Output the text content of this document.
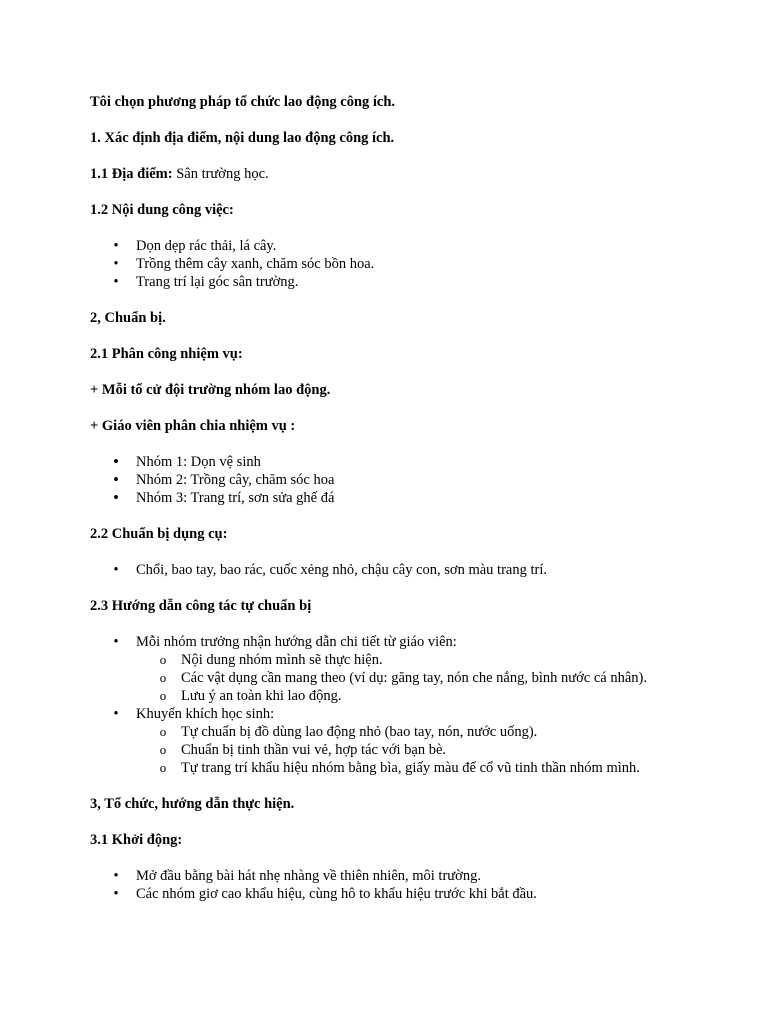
Tôi chọn phương pháp tổ chức lao động công ích.

1. Xác định địa điểm, nội dung lao động công ích.

1.1 Địa điểm: Sân trường học.

1.2 Nội dung công việc:

•
Dọn dẹp rác thải, lá cây.
•
Trồng thêm cây xanh, chăm sóc bồn hoa.
•
Trang trí lại góc sân trường.

2, Chuẩn bị.

2.1 Phân công nhiệm vụ:

+ Mỗi tổ cử đội trường nhóm lao động.

+ Giáo viên phân chia nhiệm vụ :

•
Nhóm 1: Dọn vệ sinh
•
Nhóm 2: Trồng cây, chăm sóc hoa
•
Nhóm 3: Trang trí, sơn sửa ghế đá

2.2 Chuẩn bị dụng cụ:

•
Chổi, bao tay, bao rác, cuốc xẻng nhỏ, chậu cây con, sơn màu trang trí.

2.3 Hướng dẫn công tác tự chuẩn bị

•
Mỗi nhóm trưởng nhận hướng dẫn chi tiết từ giáo viên:
o
Nội dung nhóm mình sẽ thực hiện.
o
Các vật dụng cần mang theo (ví dụ: găng tay, nón che nắng, bình nước cá nhân).
o
Lưu ý an toàn khi lao động.
•
Khuyến khích học sinh:
o
Tự chuẩn bị đồ dùng lao động nhỏ (bao tay, nón, nước uống).
o
Chuẩn bị tinh thần vui vẻ, hợp tác với bạn bè.
o
Tự trang trí khẩu hiệu nhóm bằng bìa, giấy màu để cổ vũ tinh thần nhóm mình.

3, Tổ chức, hướng dẫn thực hiện.

3.1 Khởi động:

•
Mở đầu bằng bài hát nhẹ nhàng về thiên nhiên, môi trường.
•
Các nhóm giơ cao khẩu hiệu, cùng hô to khẩu hiệu trước khi bắt đầu.
